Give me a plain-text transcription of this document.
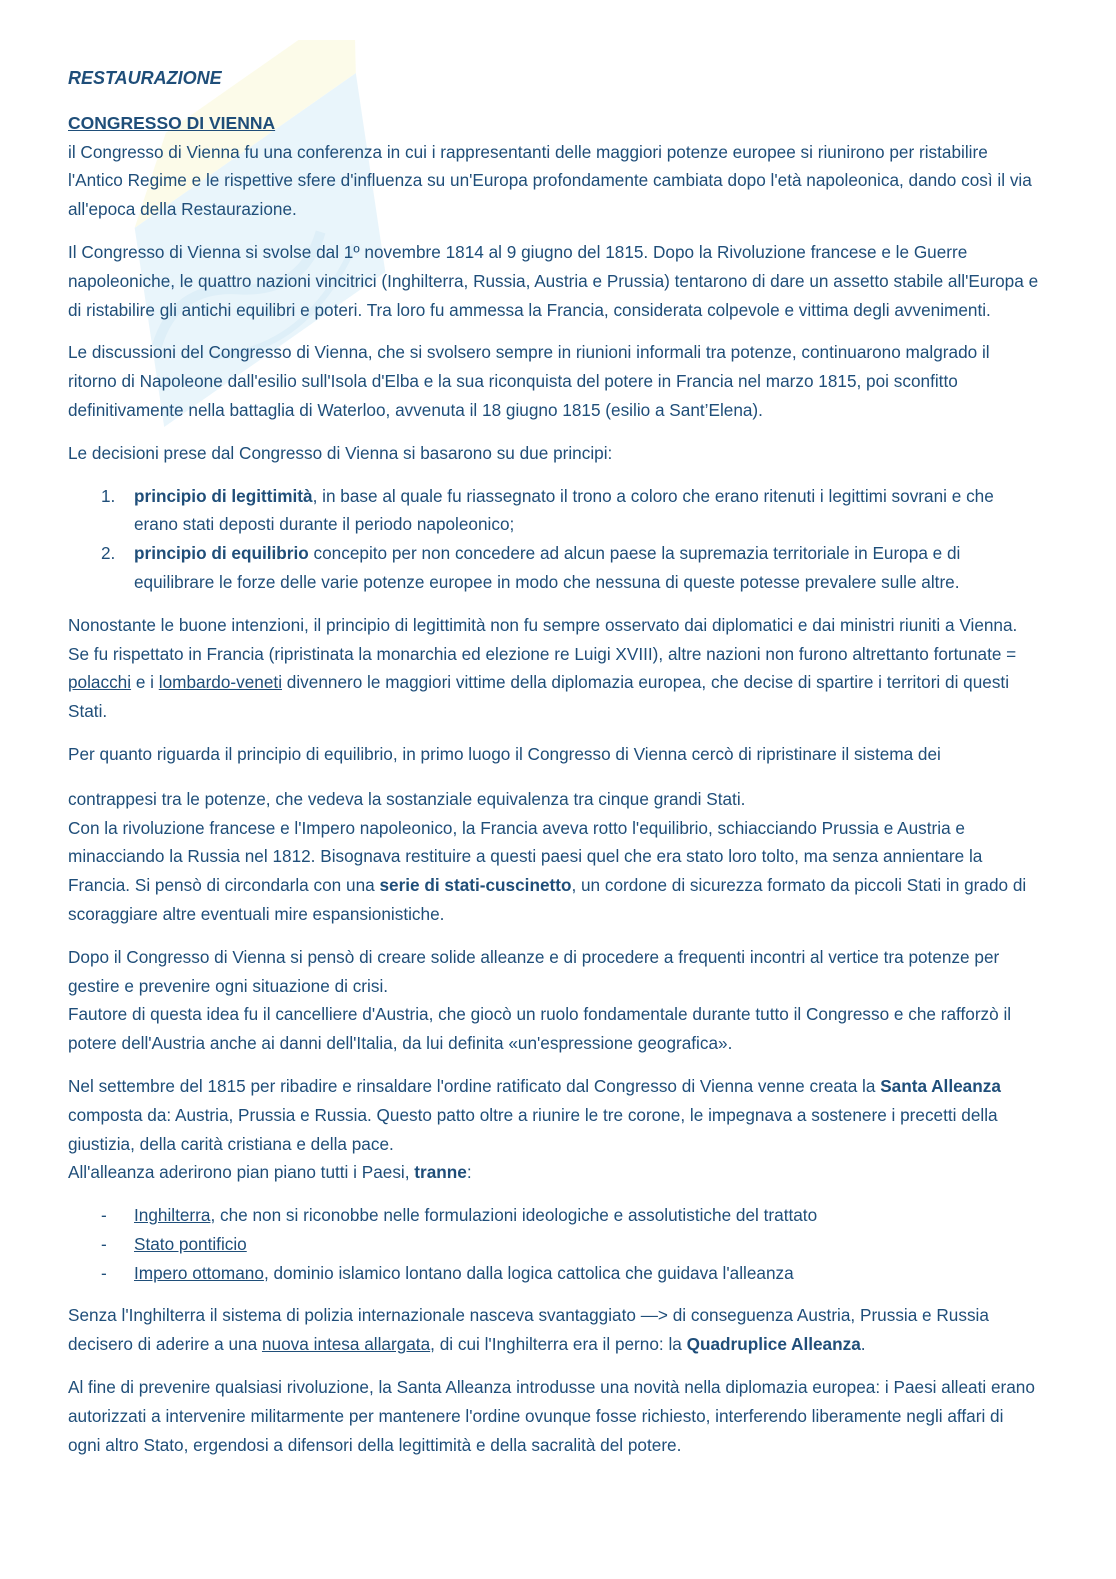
RESTAURAZIONE
CONGRESSO DI VIENNA

il Congresso di Vienna fu una conferenza in cui i rappresentanti delle maggiori potenze europee si riunirono per ristabilire l'Antico Regime e le rispettive sfere d'influenza su un'Europa profondamente cambiata dopo l'età napoleonica, dando così il via all'epoca della Restaurazione.

Il Congresso di Vienna si svolse dal 1º novembre 1814 al 9 giugno del 1815. Dopo la Rivoluzione francese e le Guerre napoleoniche, le quattro nazioni vincitrici (Inghilterra, Russia, Austria e Prussia) tentarono di dare un assetto stabile all'Europa e di ristabilire gli antichi equilibri e poteri. Tra loro fu ammessa la Francia, considerata colpevole e vittima degli avvenimenti.

Le discussioni del Congresso di Vienna, che si svolsero sempre in riunioni informali tra potenze, continuarono malgrado il ritorno di Napoleone dall'esilio sull'Isola d'Elba e la sua riconquista del potere in Francia nel marzo 1815, poi sconfitto definitivamente nella battaglia di Waterloo, avvenuta il 18 giugno 1815 (esilio a Sant’Elena).

Le decisioni prese dal Congresso di Vienna si basarono su due principi:

1. principio di legittimità, in base al quale fu riassegnato il trono a coloro che erano ritenuti i legittimi sovrani e che erano stati deposti durante il periodo napoleonico;
2. principio di equilibrio concepito per non concedere ad alcun paese la supremazia territoriale in Europa e di equilibrare le forze delle varie potenze europee in modo che nessuna di queste potesse prevalere sulle altre.

Nonostante le buone intenzioni, il principio di legittimità non fu sempre osservato dai diplomatici e dai ministri riuniti a Vienna. Se fu rispettato in Francia (ripristinata la monarchia ed elezione re Luigi XVIII), altre nazioni non furono altrettanto fortunate = polacchi e i lombardo-veneti divennero le maggiori vittime della diplomazia europea, che decise di spartire i territori di questi Stati.

Per quanto riguarda il principio di equilibrio, in primo luogo il Congresso di Vienna cercò di ripristinare il sistema dei

contrappesi tra le potenze, che vedeva la sostanziale equivalenza tra cinque grandi Stati.

Con la rivoluzione francese e l'Impero napoleonico, la Francia aveva rotto l'equilibrio, schiacciando Prussia e Austria e minacciando la Russia nel 1812. Bisognava restituire a questi paesi quel che era stato loro tolto, ma senza annientare la Francia. Si pensò di circondarla con una serie di stati-cuscinetto, un cordone di sicurezza formato da piccoli Stati in grado di scoraggiare altre eventuali mire espansionistiche.

Dopo il Congresso di Vienna si pensò di creare solide alleanze e di procedere a frequenti incontri al vertice tra potenze per gestire e prevenire ogni situazione di crisi.

Fautore di questa idea fu il cancelliere d'Austria, che giocò un ruolo fondamentale durante tutto il Congresso e che rafforzò il potere dell'Austria anche ai danni dell'Italia, da lui definita «un'espressione geografica».

Nel settembre del 1815 per ribadire e rinsaldare l'ordine ratificato dal Congresso di Vienna venne creata la Santa Alleanza composta da: Austria, Prussia e Russia. Questo patto oltre a riunire le tre corone, le impegnava a sostenere i precetti della giustizia, della carità cristiana e della pace.

All'alleanza aderirono pian piano tutti i Paesi, tranne:

- Inghilterra, che non si riconobbe nelle formulazioni ideologiche e assolutistiche del trattato
- Stato pontificio
- Impero ottomano, dominio islamico lontano dalla logica cattolica che guidava l'alleanza

Senza l'Inghilterra il sistema di polizia internazionale nasceva svantaggiato —> di conseguenza Austria, Prussia e Russia decisero di aderire a una nuova intesa allargata, di cui l'Inghilterra era il perno: la Quadruplice Alleanza.

Al fine di prevenire qualsiasi rivoluzione, la Santa Alleanza introdusse una novità nella diplomazia europea: i Paesi alleati erano autorizzati a intervenire militarmente per mantenere l'ordine ovunque fosse richiesto, interferendo liberamente negli affari di ogni altro Stato, ergendosi a difensori della legittimità e della sacralità del potere.
